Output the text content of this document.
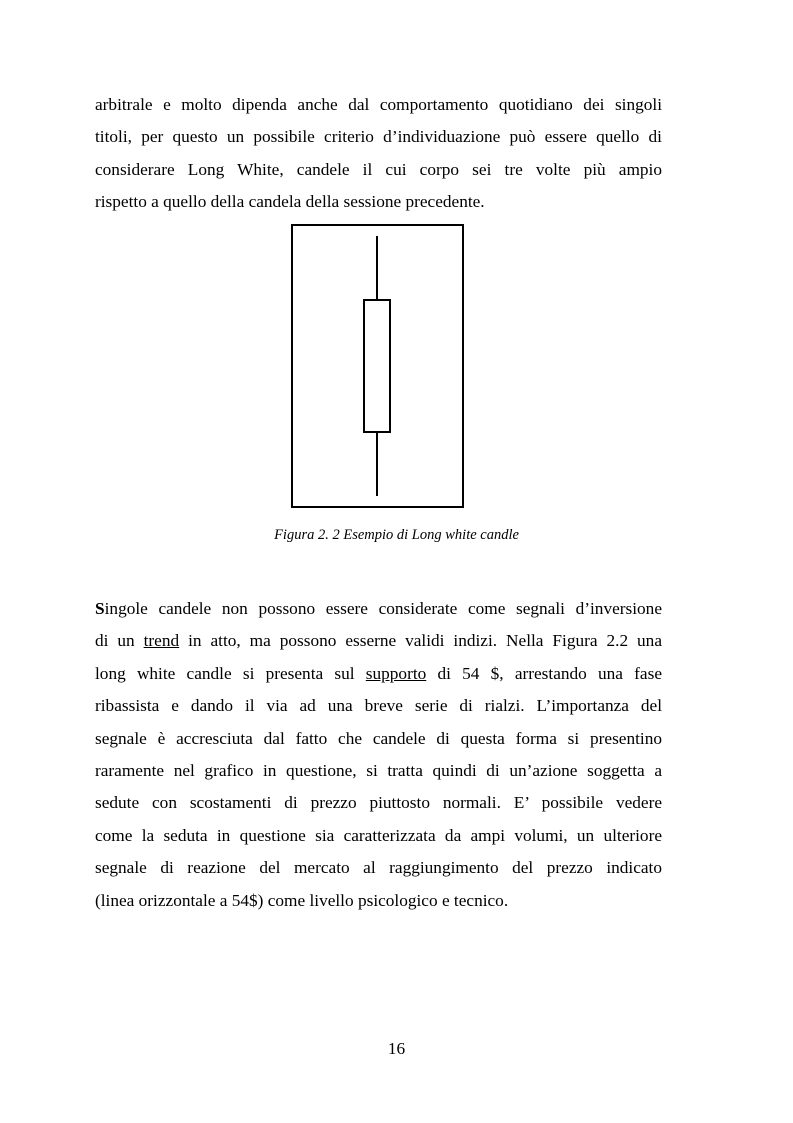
arbitrale e molto dipenda anche dal comportamento quotidiano dei singoli
titoli, per questo un possibile criterio d’individuazione può essere quello di
considerare Long White, candele il cui corpo sei tre volte più ampio
rispetto a quello della candela della sessione precedente.
Figura 2. 2 Esempio di Long white candle
Singole candele non possono essere considerate come segnali d’inversione
di un trend in atto, ma possono esserne validi indizi. Nella Figura 2.2 una
long white candle si presenta sul supporto di 54 $, arrestando una fase
ribassista e dando il via ad una breve serie di rialzi. L’importanza del
segnale è accresciuta dal fatto che candele di questa forma si presentino
raramente nel grafico in questione, si tratta quindi di un’azione soggetta a
sedute con scostamenti di prezzo piuttosto normali. E’ possibile vedere
come la seduta in questione sia caratterizzata da ampi volumi, un ulteriore
segnale di reazione del mercato al raggiungimento del prezzo indicato
(linea orizzontale a 54$) come livello psicologico e tecnico.
16
